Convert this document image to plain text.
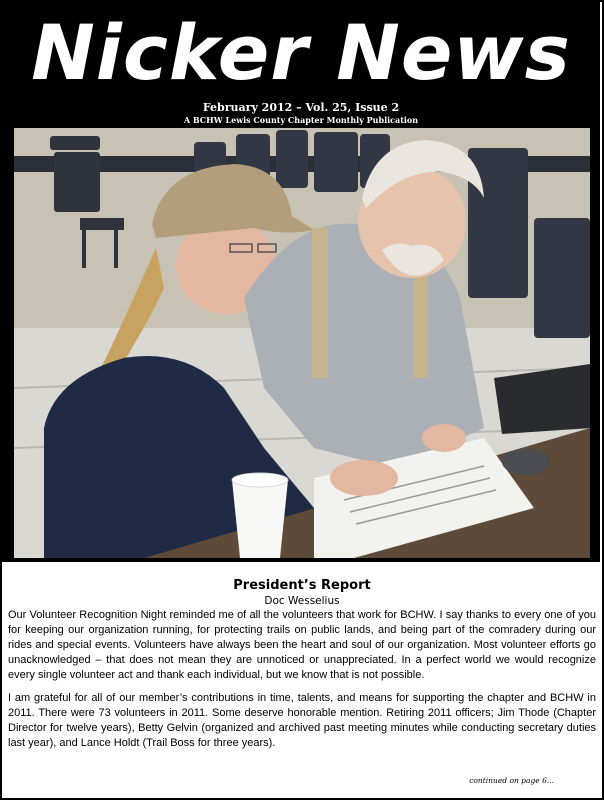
Nicker News
February 2012 – Vol. 25, Issue 2
A BCHW Lewis County Chapter Monthly Publication

President’s Report

Doc Wesselius

Our Volunteer Recognition Night reminded me of all the volunteers that work for BCHW. I say thanks to every one of you for keeping our organization running, for protecting trails on public lands, and being part of the comradery during our rides and special events. Volunteers have always been the heart and soul of our organization. Most volunteer efforts go unacknowledged – that does not mean they are unnoticed or unappreciated. In a perfect world we would recognize every single volunteer act and thank each individual, but we know that is not possible.

I am grateful for all of our member’s contributions in time, talents, and means for supporting the chapter and BCHW in 2011. There were 73 volunteers in 2011. Some deserve honorable mention. Retiring 2011 officers; Jim Thode (Chapter Director for twelve years), Betty Gelvin (organized and archived past meeting minutes while conducting secretary duties last year), and Lance Holdt (Trail Boss for three years).

continued on page 6...
